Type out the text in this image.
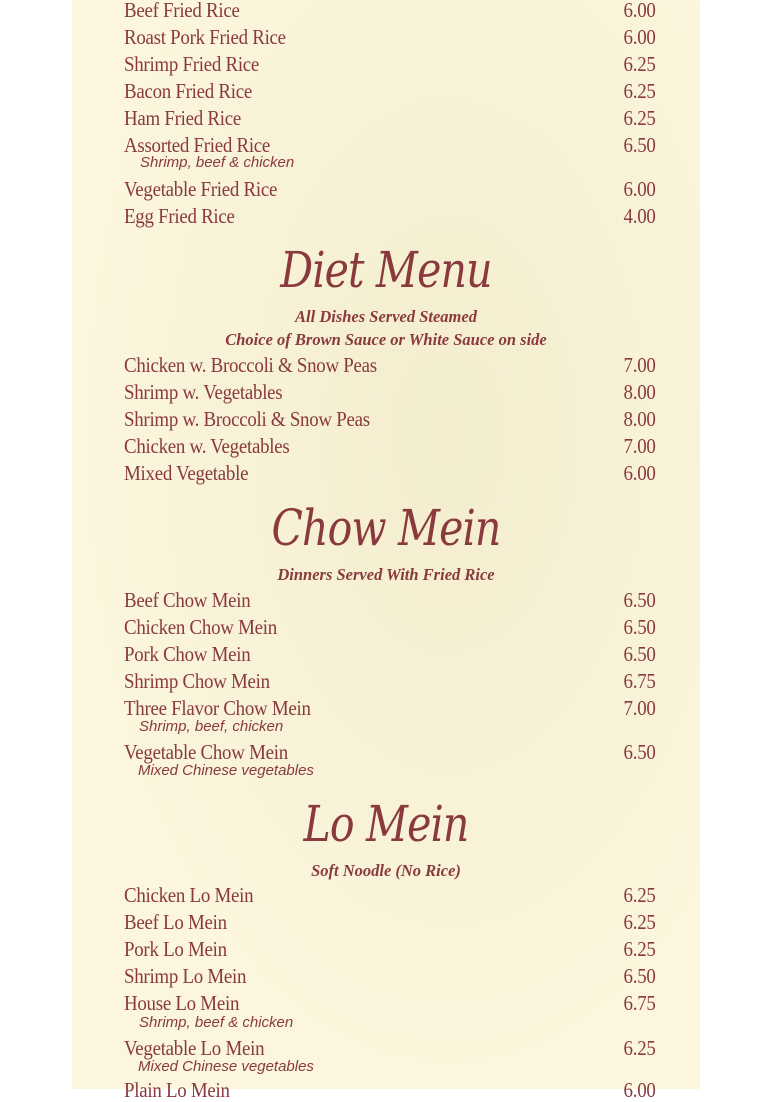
Beef Fried Rice	6.00
Roast Pork Fried Rice	6.00
Shrimp Fried Rice	6.25
Bacon Fried Rice	6.25
Ham Fried Rice	6.25
Assorted Fried Rice	6.50
Shrimp, beef & chicken
Vegetable Fried Rice	6.00
Egg Fried Rice	4.00
Diet Menu
All Dishes Served Steamed
Choice of Brown Sauce or White Sauce on side
Chicken w. Broccoli & Snow Peas	7.00
Shrimp w. Vegetables	8.00
Shrimp w. Broccoli & Snow Peas	8.00
Chicken w. Vegetables	7.00
Mixed Vegetable	6.00
Chow Mein
Dinners Served With Fried Rice
Beef Chow Mein	6.50
Chicken Chow Mein	6.50
Pork Chow Mein	6.50
Shrimp Chow Mein	6.75
Three Flavor Chow Mein	7.00
Shrimp, beef, chicken
Vegetable Chow Mein	6.50
Mixed Chinese vegetables
Lo Mein
Soft Noodle (No Rice)
Chicken Lo Mein	6.25
Beef Lo Mein	6.25
Pork Lo Mein	6.25
Shrimp Lo Mein	6.50
House Lo Mein	6.75
Shrimp, beef & chicken
Vegetable Lo Mein	6.25
Mixed Chinese vegetables
Plain Lo Mein	6.00
